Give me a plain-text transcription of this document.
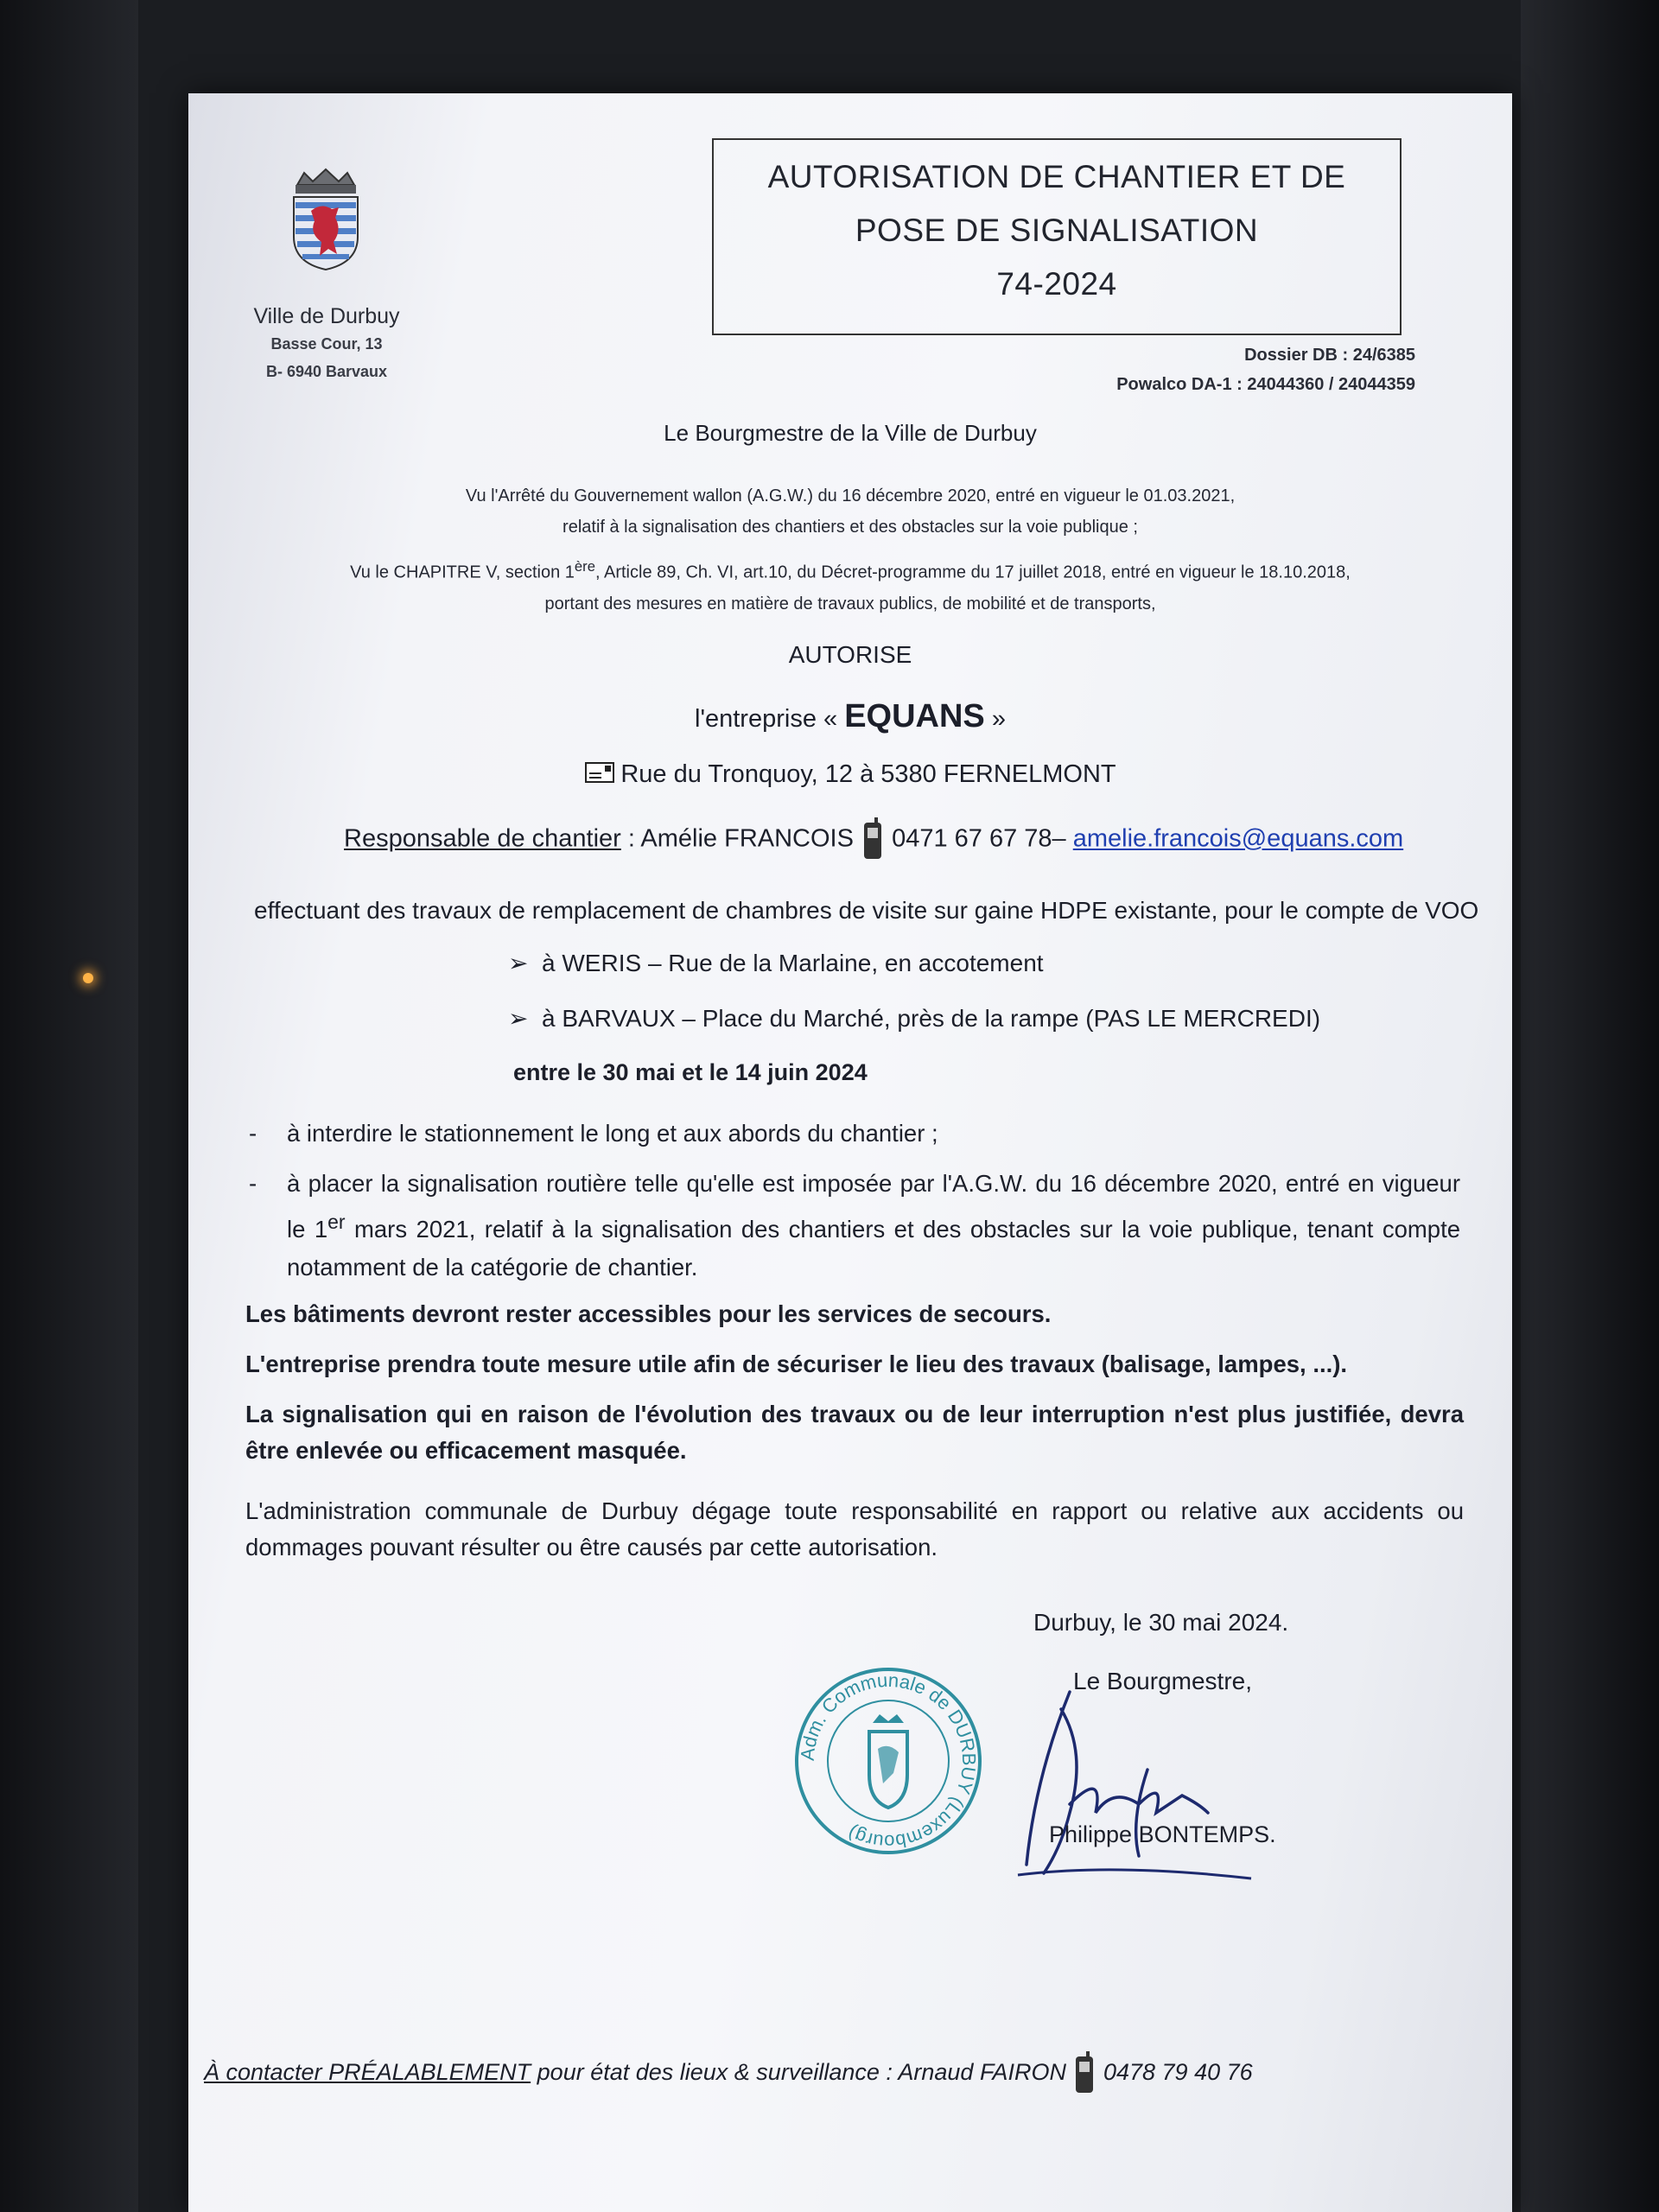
Ville de Durbuy
Basse Cour, 13
B- 6940 Barvaux
AUTORISATION DE CHANTIER ET DE
POSE DE SIGNALISATION
74-2024
Dossier DB : 24/6385
Powalco DA-1 : 24044360 / 24044359
Le Bourgmestre de la Ville de Durbuy
Vu l'Arrêté du Gouvernement wallon (A.G.W.) du 16 décembre 2020, entré en vigueur le 01.03.2021,
relatif à la signalisation des chantiers et des obstacles sur la voie publique ;
Vu le CHAPITRE V, section 1ère, Article 89, Ch. VI, art.10, du Décret-programme du 17 juillet 2018, entré en vigueur le 18.10.2018,
portant des mesures en matière de travaux publics, de mobilité et de transports,
AUTORISE
l'entreprise « EQUANS »
Rue du Tronquoy, 12 à 5380 FERNELMONT
Responsable de chantier : Amélie FRANCOIS  0471 67 67 78– amelie.francois@equans.com
effectuant des travaux de remplacement de chambres de visite sur gaine HDPE existante, pour le compte de VOO
➢  à WERIS – Rue de la Marlaine, en accotement
➢  à BARVAUX – Place du Marché, près de la rampe (PAS LE MERCREDI)
entre le 30 mai et le 14 juin 2024
- à interdire le stationnement le long et aux abords du chantier ;
- à placer la signalisation routière telle qu'elle est imposée par l'A.G.W. du 16 décembre 2020, entré en vigueur le 1er mars 2021, relatif à la signalisation des chantiers et des obstacles sur la voie publique, tenant compte notamment de la catégorie de chantier.
Les bâtiments devront rester accessibles pour les services de secours.
L'entreprise prendra toute mesure utile afin de sécuriser le lieu des travaux (balisage, lampes, ...).
La signalisation qui en raison de l'évolution des travaux ou de leur interruption n'est plus justifiée, devra être enlevée ou efficacement masquée.
L'administration communale de Durbuy dégage toute responsabilité en rapport ou relative aux accidents ou dommages pouvant résulter ou être causés par cette autorisation.
Durbuy, le 30 mai 2024.
Le Bourgmestre,
Adm. Communale de DURBUY (Luxembourg)	Philippe BONTEMPS.
À contacter PRÉALABLEMENT pour état des lieux & surveillance : Arnaud FAIRON  0478 79 40 76
